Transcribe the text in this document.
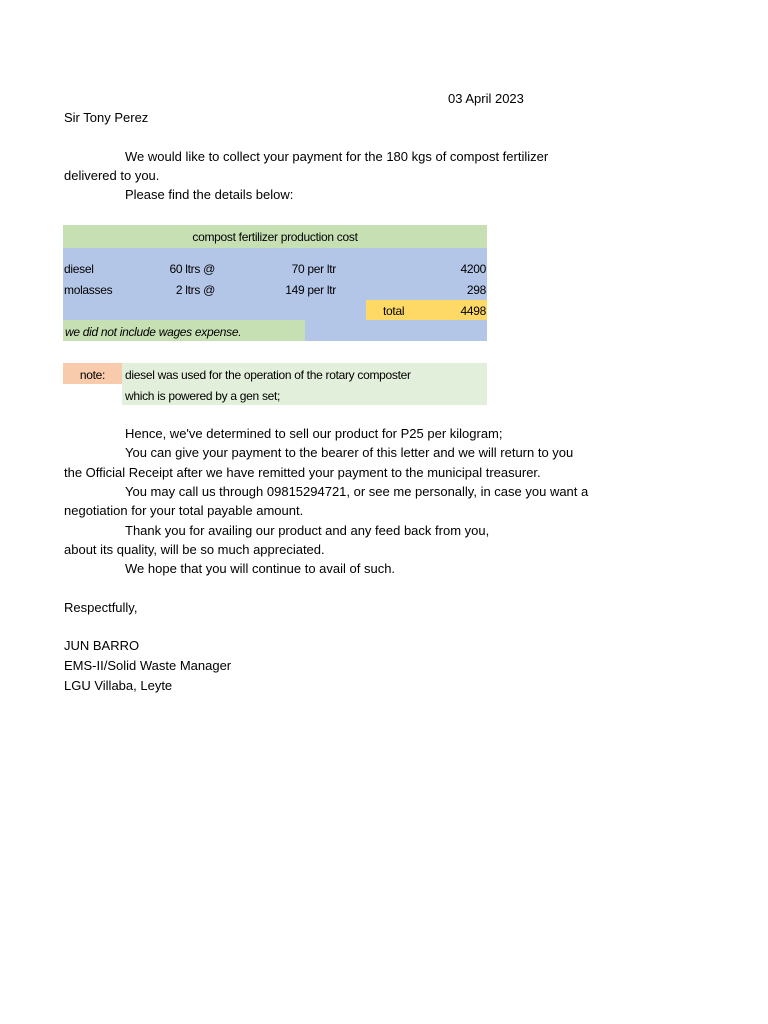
03 April 2023
Sir Tony Perez
We would like to collect your payment for the 180 kgs of compost fertilizer
delivered to you.
Please find the details below:
compost fertilizer production cost
diesel	60 ltrs @	70 per ltr	4200
molasses	2 ltrs @	149 per ltr	298
total	4498
we did not include wages expense.
note:	diesel was used for the operation of the rotary composter
which is powered by a gen set;
Hence, we've determined to sell our product for P25 per kilogram;
You can give your payment to the bearer of this letter and we will return to you
the Official Receipt after we have remitted your payment to the municipal treasurer.
You may call us through 09815294721, or see me personally, in case you want a
negotiation for your total payable amount.
Thank you for availing our product and any feed back from you,
about its quality, will be so much appreciated.
We hope that you will continue to avail of such.
Respectfully,
JUN BARRO
EMS-II/Solid Waste Manager
LGU Villaba, Leyte
